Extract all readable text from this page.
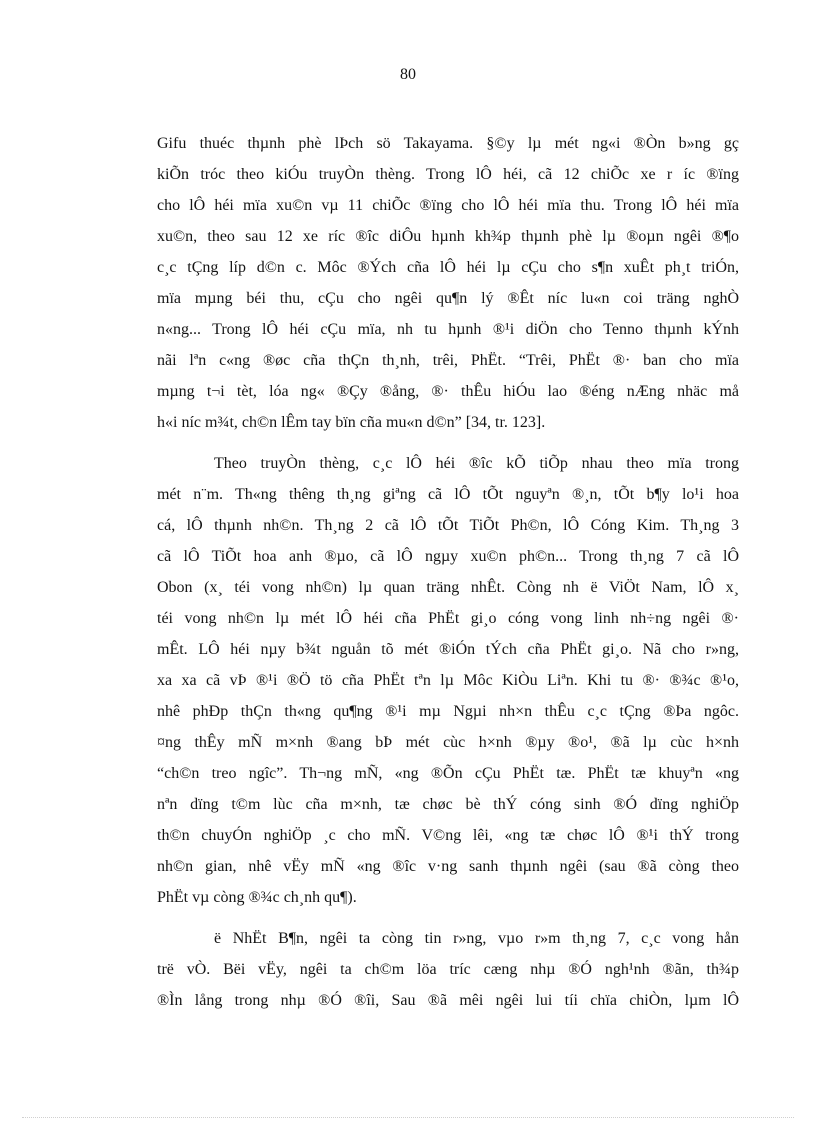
80

Gifu thuéc thµnh phè lÞch sö Takayama. §©y lµ mét ng«i ®Òn b»ng gç
kiÕn tróc theo kiÓu truyÒn thèng. Trong lÔ héi, cã 12 chiÕc xe r íc ®ïng
cho lÔ héi mïa xu©n vµ 11 chiÕc ®ïng cho lÔ héi mïa thu. Trong lÔ héi mïa
xu©n, theo sau 12 xe ríc ®îc diÔu hµnh kh¾p thµnh phè lµ ®oµn ngêi ®¶o
c¸c tÇng líp d©n c. Môc ®Ých cña lÔ héi lµ cÇu cho s¶n xuÊt ph¸t triÓn,
mïa mµng béi thu, cÇu cho ngêi qu¶n lý ®Êt níc lu«n coi träng nghÒ
n«ng... Trong lÔ héi cÇu mïa, nh tu hµnh ®¹i diÖn cho Tenno thµnh kÝnh
nãi lªn c«ng ®øc cña thÇn th¸nh, trêi, PhËt. “Trêi, PhËt ®· ban cho mïa
mµng t¬i tèt, lóa ng« ®Çy ®ång, ®· thÊu hiÓu lao ®éng nÆng nhäc må
h«i níc m¾t, ch©n lÊm tay bïn cña mu«n d©n” [34, tr. 123].

Theo truyÒn thèng, c¸c lÔ héi ®îc kÕ tiÕp nhau theo mïa trong
mét n¨m. Th«ng thêng th¸ng giªng cã lÔ tÕt nguyªn ®¸n, tÕt b¶y lo¹i hoa
cá, lÔ thµnh nh©n. Th¸ng 2 cã lÔ tÕt TiÕt Ph©n, lÔ Cóng Kim. Th¸ng 3
cã lÔ TiÕt hoa anh ®µo, cã lÔ ngµy xu©n ph©n... Trong th¸ng 7 cã lÔ
Obon (x¸ téi vong nh©n) lµ quan träng nhÊt. Còng nh ë ViÖt Nam, lÔ x¸
téi vong nh©n lµ mét lÔ héi cña PhËt gi¸o cóng vong linh nh÷ng ngêi ®·
mÊt. LÔ héi nµy b¾t nguån tõ mét ®iÓn tÝch cña PhËt gi¸o. Nã cho r»ng,
xa xa cã vÞ ®¹i ®Ö tö cña PhËt tªn lµ Môc KiÒu Liªn. Khi tu ®· ®¾c ®¹o,
nhê phÐp thÇn th«ng qu¶ng ®¹i mµ Ngµi nh×n thÊu c¸c tÇng ®Þa ngôc.
¤ng thÊy mÑ m×nh ®ang bÞ mét cùc h×nh ®µy ®o¹, ®ã lµ cùc h×nh
“ch©n treo ngîc”. Th¬ng mÑ, «ng ®Õn cÇu PhËt tæ. PhËt tæ khuyªn «ng
nªn dïng t©m lùc cña m×nh, tæ chøc bè thÝ cóng sinh ®Ó dïng nghiÖp
th©n chuyÓn nghiÖp ¸c cho mÑ. V©ng lêi, «ng tæ chøc lÔ ®¹i thÝ trong
nh©n gian, nhê vËy mÑ «ng ®îc v·ng sanh thµnh ngêi (sau ®ã còng theo
PhËt vµ còng ®¾c ch¸nh qu¶).

ë NhËt B¶n, ngêi ta còng tin r»ng, vµo r»m th¸ng 7, c¸c vong hån
trë vÒ. Bëi vËy, ngêi ta ch©m löa tríc cæng nhµ ®Ó ngh¹nh ®ãn, th¾p
®Ìn lång trong nhµ ®Ó ®îi, Sau ®ã mêi ngêi lui tíi chïa chiÒn, lµm lÔ
